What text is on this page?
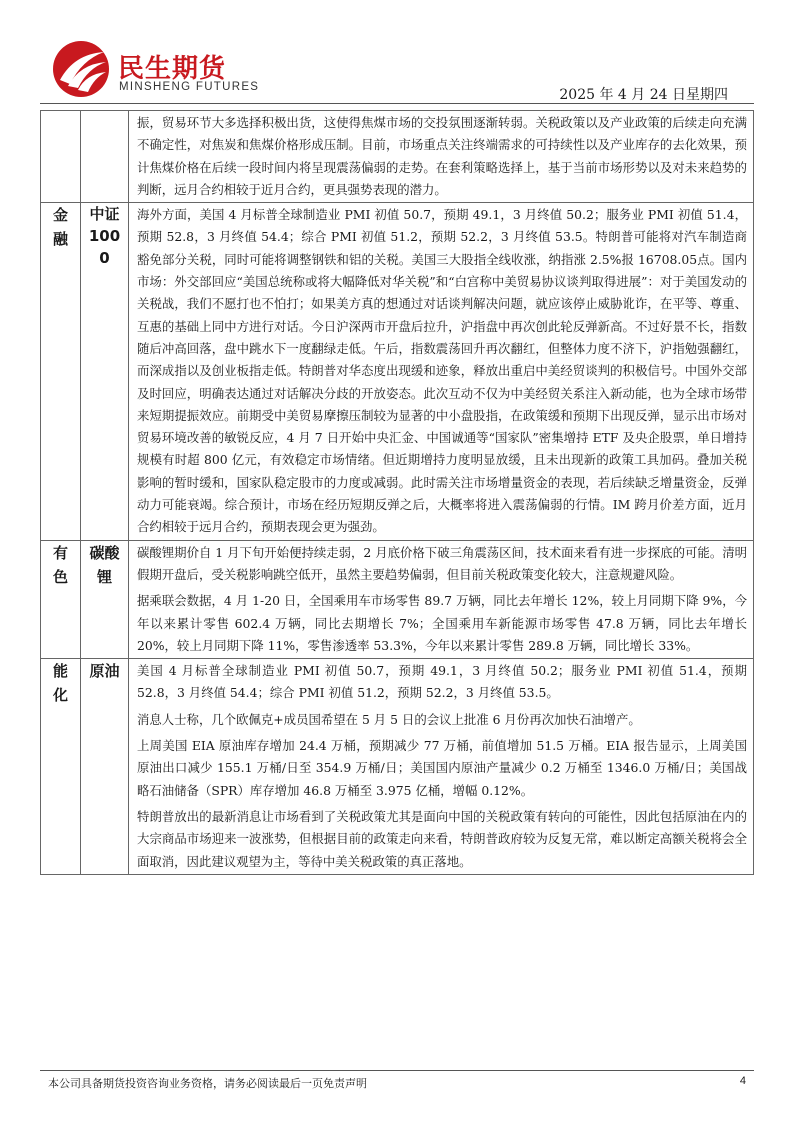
民生期货
MINSHENG FUTURES	2025 年 4 月 24 日星期四

		振，贸易环节大多选择积极出货，这使得焦煤市场的交投氛围逐渐转弱。关税政策以及产业政策的后续走向充满不确定性，对焦炭和焦煤价格形成压制。目前，市场重点关注终端需求的可持续性以及产业库存的去化效果，预计焦煤价格在后续一段时间内将呈现震荡偏弱的走势。在套利策略选择上，基于当前市场形势以及对未来趋势的判断，远月合约相较于近月合约，更具强势表现的潜力。

金融	中证1000	海外方面，美国 4 月标普全球制造业 PMI 初值 50.7，预期 49.1，3 月终值 50.2；服务业 PMI 初值 51.4，预期 52.8，3 月终值 54.4；综合 PMI 初值 51.2，预期 52.2，3 月终值 53.5。特朗普可能将对汽车制造商豁免部分关税，同时可能将调整钢铁和铝的关税。美国三大股指全线收涨，纳指涨 2.5%报 16708.05点。国内市场：外交部回应“美国总统称或将大幅降低对华关税”和“白宫称中美贸易协议谈判取得进展”：对于美国发动的关税战，我们不愿打也不怕打；如果美方真的想通过对话谈判解决问题，就应该停止威胁讹诈，在平等、尊重、互惠的基础上同中方进行对话。今日沪深两市开盘后拉升，沪指盘中再次创此轮反弹新高。不过好景不长，指数随后冲高回落，盘中跳水下一度翻绿走低。午后，指数震荡回升再次翻红，但整体力度不济下，沪指勉强翻红，而深成指以及创业板指走低。特朗普对华态度出现缓和迹象，释放出重启中美经贸谈判的积极信号。中国外交部及时回应，明确表达通过对话解决分歧的开放姿态。此次互动不仅为中美经贸关系注入新动能，也为全球市场带来短期提振效应。前期受中美贸易摩擦压制较为显著的中小盘股指，在政策缓和预期下出现反弹，显示出市场对贸易环境改善的敏锐反应，4 月 7 日开始中央汇金、中国诚通等“国家队”密集增持 ETF 及央企股票，单日增持规模有时超 800 亿元，有效稳定市场情绪。但近期增持力度明显放缓，且未出现新的政策工具加码。叠加关税影响的暂时缓和，国家队稳定股市的力度或减弱。此时需关注市场增量资金的表现，若后续缺乏增量资金，反弹动力可能衰竭。综合预计，市场在经历短期反弹之后，大概率将进入震荡偏弱的行情。IM 跨月价差方面，近月合约相较于远月合约，预期表现会更为强劲。

有色	碳酸锂	碳酸锂期价自 1 月下旬开始便持续走弱，2 月底价格下破三角震荡区间，技术面来看有进一步探底的可能。清明假期开盘后，受关税影响跳空低开，虽然主要趋势偏弱，但目前关税政策变化较大，注意规避风险。

据乘联会数据，4 月 1-20 日，全国乘用车市场零售 89.7 万辆，同比去年增长 12%，较上月同期下降 9%，今年以来累计零售 602.4 万辆，同比去期增长 7%；全国乘用车新能源市场零售 47.8 万辆，同比去年增长 20%，较上月同期下降 11%，零售渗透率 53.3%，今年以来累计零售 289.8 万辆，同比增长 33%。

能化	原油	美国 4 月标普全球制造业 PMI 初值 50.7，预期 49.1，3 月终值 50.2；服务业 PMI 初值 51.4，预期 52.8，3 月终值 54.4；综合 PMI 初值 51.2，预期 52.2，3 月终值 53.5。

消息人士称，几个欧佩克+成员国希望在 5 月 5 日的会议上批准 6 月份再次加快石油增产。

上周美国 EIA 原油库存增加 24.4 万桶，预期减少 77 万桶，前值增加 51.5 万桶。EIA 报告显示，上周美国原油出口减少 155.1 万桶/日至 354.9 万桶/日；美国国内原油产量减少 0.2 万桶至 1346.0 万桶/日；美国战略石油储备（SPR）库存增加 46.8 万桶至 3.975 亿桶，增幅 0.12%。

特朗普放出的最新消息让市场看到了关税政策尤其是面向中国的关税政策有转向的可能性，因此包括原油在内的大宗商品市场迎来一波涨势，但根据目前的政策走向来看，特朗普政府较为反复无常，难以断定高额关税将会全面取消，因此建议观望为主，等待中美关税政策的真正落地。

本公司具备期货投资咨询业务资格，请务必阅读最后一页免责声明	4
